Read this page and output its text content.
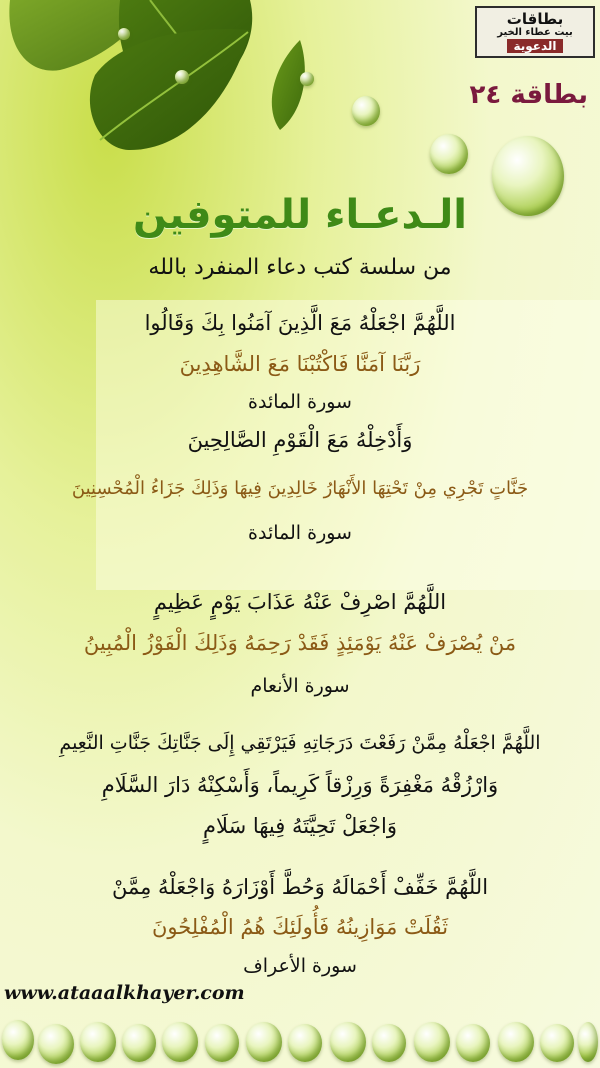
بطاقات
بيت عطاء الخير
الدعوية
بطاقة ٢٤
الـدعـاء للمتوفين
من سلسة كتب دعاء المنفرد بالله
اللَّهُمَّ اجْعَلْهُ مَعَ الَّذِينَ آمَنُوا بِكَ وَقَالُوا
رَبَّنَا آمَنَّا فَاكْتُبْنَا مَعَ الشَّاهِدِينَ
سورة المائدة
وَأَدْخِلْهُ مَعَ الْقَوْمِ الصَّالِحِينَ
جَنَّاتٍ تَجْرِي مِنْ تَحْتِهَا الأَنْهَارُ خَالِدِينَ فِيهَا وَذَلِكَ جَزَاءُ الْمُحْسِنِينَ
سورة المائدة
اللَّهُمَّ اصْرِفْ عَنْهُ عَذَابَ يَوْمٍ عَظِيمٍ
مَنْ يُصْرَفْ عَنْهُ يَوْمَئِذٍ فَقَدْ رَحِمَهُ وَذَلِكَ الْفَوْزُ الْمُبِينُ
سورة الأنعام
اللَّهُمَّ اجْعَلْهُ مِمَّنْ رَفَعْتَ دَرَجَاتِهِ فَيَرْتَقِي إِلَى جَنَّاتِكَ جَنَّاتِ النَّعِيمِ
وَارْزُقْهُ مَغْفِرَةً وَرِزْقاً كَرِيماً، وَأَسْكِنْهُ دَارَ السَّلَامِ
وَاجْعَلْ تَحِيَّتَهُ فِيهَا سَلَامٍ
اللَّهُمَّ خَفِّفْ أَحْمَالَهُ وَحُطَّ أَوْزَارَهُ وَاجْعَلْهُ مِمَّنْ
ثَقُلَتْ مَوَازِينُهُ فَأُولَئِكَ هُمُ الْمُفْلِحُونَ
سورة الأعراف
www.ataaalkhayer.com
